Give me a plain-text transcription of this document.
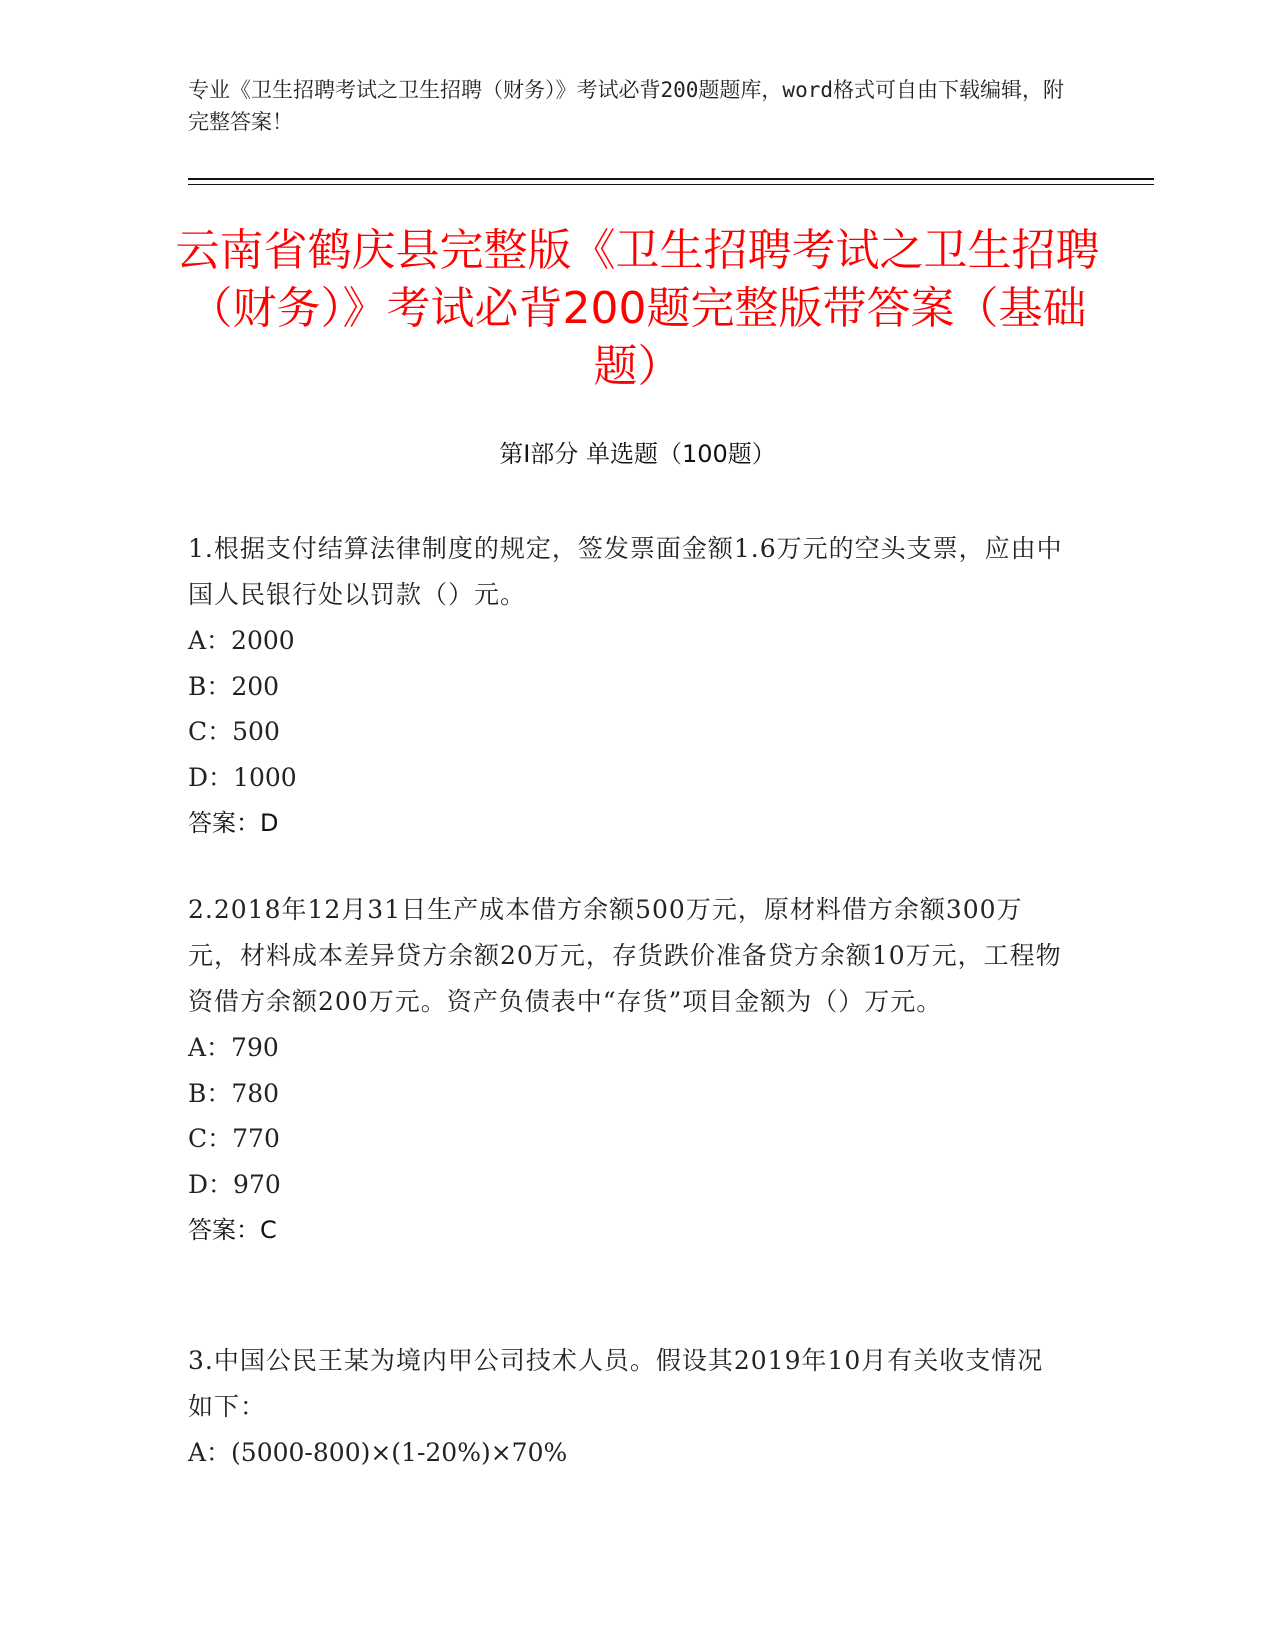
专业《卫生招聘考试之卫生招聘（财务）》考试必背200题题库，word格式可自由下载编辑，附完整答案！

云南省鹤庆县完整版《卫生招聘考试之卫生招聘（财务）》考试必背200题完整版带答案（基础题）
第Ⅰ部分 单选题（100题）

1.根据支付结算法律制度的规定，签发票面金额1.6万元的空头支票，应由中国人民银行处以罚款（）元。

A：2000

B：200

C：500

D：1000

答案：D

2.2018年12月31日生产成本借方余额500万元，原材料借方余额300万元，材料成本差异贷方余额20万元，存货跌价准备贷方余额10万元，工程物资借方余额200万元。资产负债表中“存货”项目金额为（）万元。

A：790

B：780

C：770

D：970

答案：C

3.中国公民王某为境内甲公司技术人员。假设其2019年10月有关收支情况如下：

A：(5000-800)×(1-20%)×70%
